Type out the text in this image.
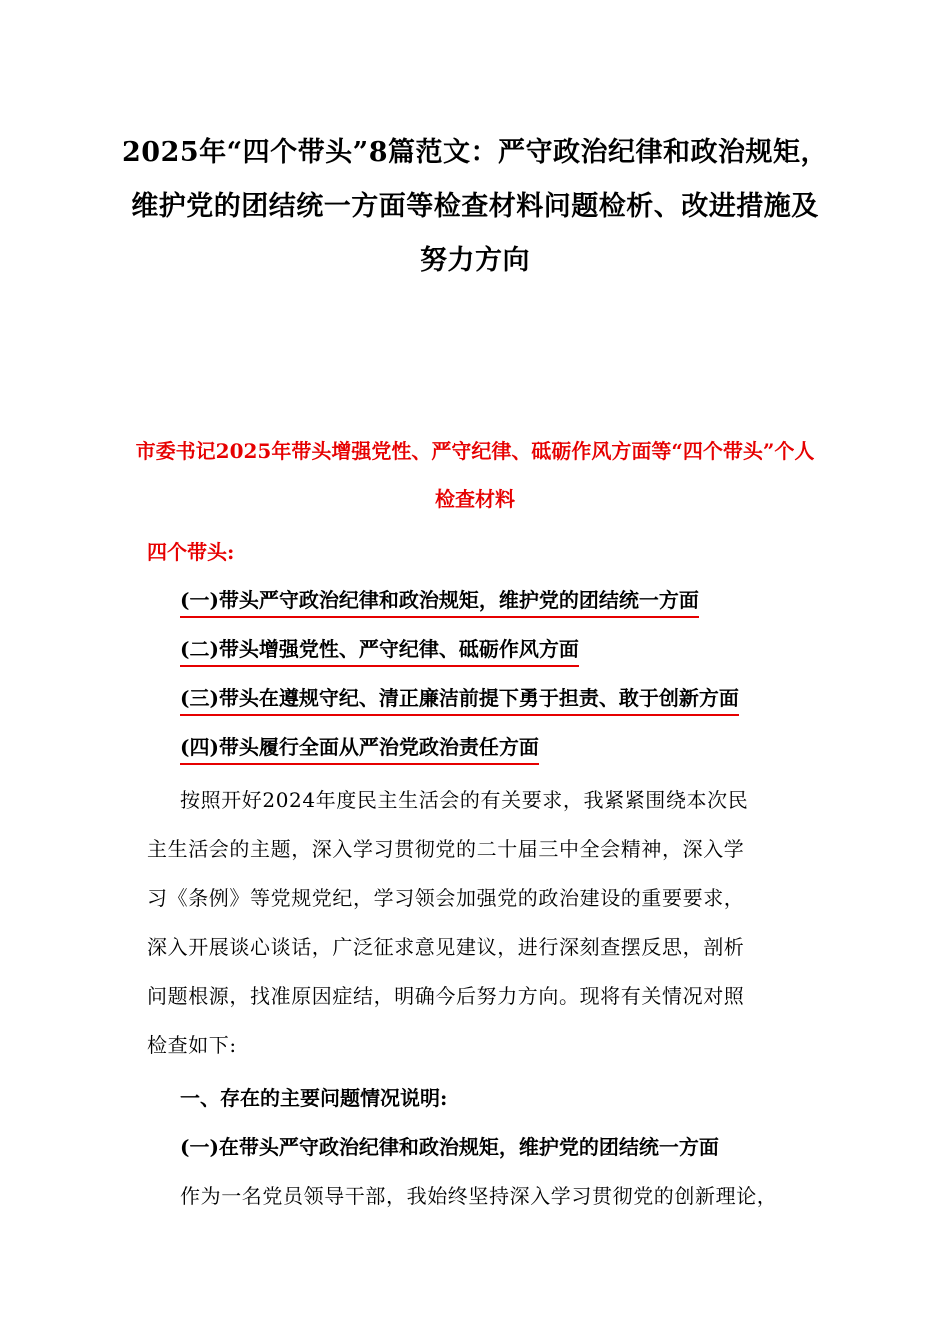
2025年“四个带头”8篇范文：严守政治纪律和政治规矩，维护党的团结统一方面等检查材料问题检析、改进措施及努力方向
市委书记2025年带头增强党性、严守纪律、砥砺作风方面等“四个带头”个人检查材料
四个带头:
(一)带头严守政治纪律和政治规矩，维护党的团结统一方面
(二)带头增强党性、严守纪律、砥砺作风方面
(三)带头在遵规守纪、清正廉洁前提下勇于担责、敢于创新方面
(四)带头履行全面从严治党政治责任方面
按照开好2024年度民主生活会的有关要求，我紧紧围绕本次民
主生活会的主题，深入学习贯彻党的二十届三中全会精神，深入学
习《条例》等党规党纪，学习领会加强党的政治建设的重要要求，
深入开展谈心谈话，广泛征求意见建议，进行深刻查摆反思，剖析
问题根源，找准原因症结，明确今后努力方向。现将有关情况对照
检查如下:
一、存在的主要问题情况说明:
(一)在带头严守政治纪律和政治规矩，维护党的团结统一方面
作为一名党员领导干部，我始终坚持深入学习贯彻党的创新理论，
